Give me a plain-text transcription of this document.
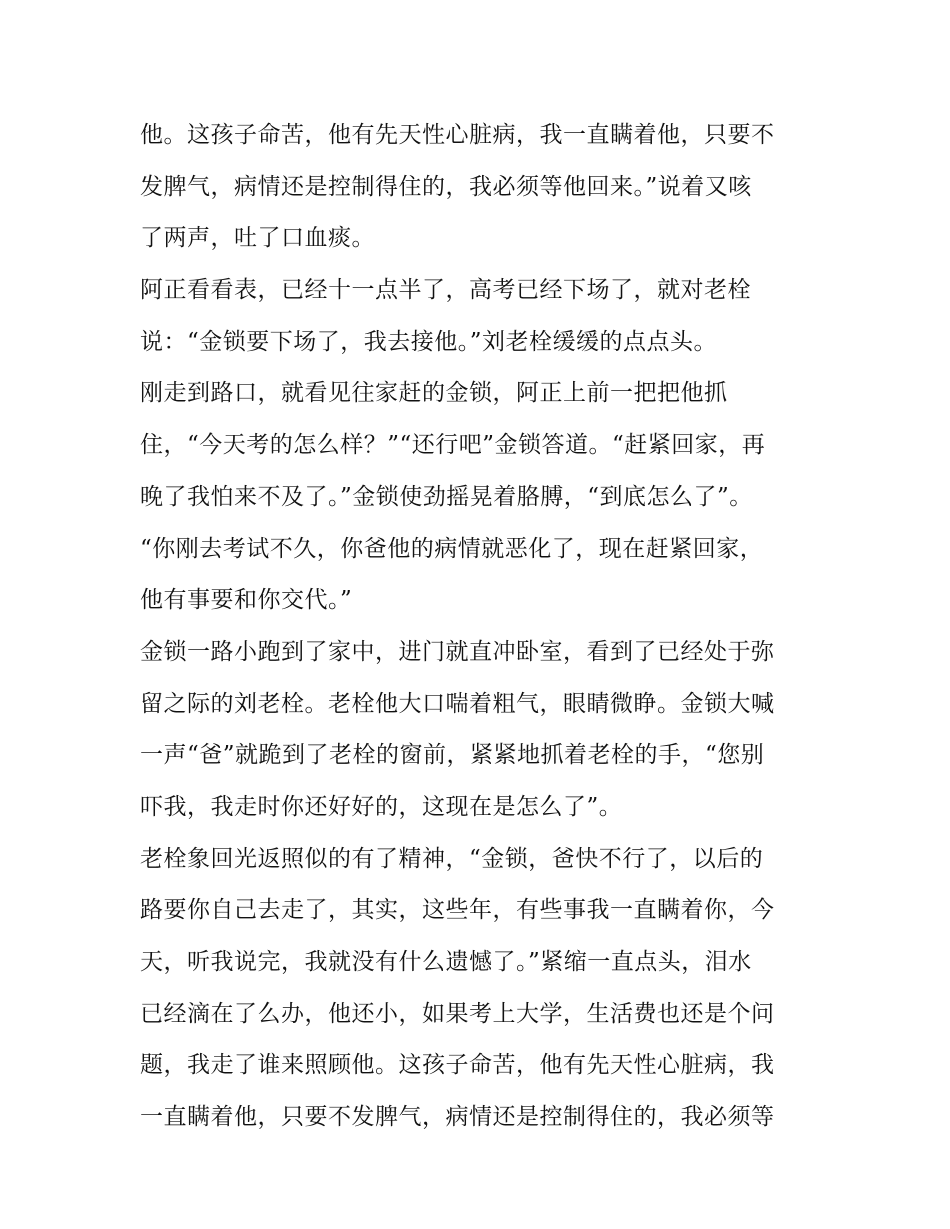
他。这孩子命苦，他有先天性心脏病，我一直瞒着他，只要不
发脾气，病情还是控制得住的，我必须等他回来。”说着又咳
了两声，吐了口血痰。
阿正看看表，已经十一点半了，高考已经下场了，就对老栓
说：“金锁要下场了，我去接他。”刘老栓缓缓的点点头。
刚走到路口，就看见往家赶的金锁，阿正上前一把把他抓
住，“今天考的怎么样？”“还行吧”金锁答道。“赶紧回家，再
晚了我怕来不及了。”金锁使劲摇晃着胳膊，“到底怎么了”。
“你刚去考试不久，你爸他的病情就恶化了，现在赶紧回家，
他有事要和你交代。”
金锁一路小跑到了家中，进门就直冲卧室，看到了已经处于弥
留之际的刘老栓。老栓他大口喘着粗气，眼睛微睁。金锁大喊
一声“爸”就跪到了老栓的窗前，紧紧地抓着老栓的手，“您别
吓我，我走时你还好好的，这现在是怎么了”。
老栓象回光返照似的有了精神，“金锁，爸快不行了，以后的
路要你自己去走了，其实，这些年，有些事我一直瞒着你，今
天，听我说完，我就没有什么遗憾了。”紧缩一直点头，泪水
已经滴在了么办，他还小，如果考上大学，生活费也还是个问
题，我走了谁来照顾他。这孩子命苦，他有先天性心脏病，我
一直瞒着他，只要不发脾气，病情还是控制得住的，我必须等
